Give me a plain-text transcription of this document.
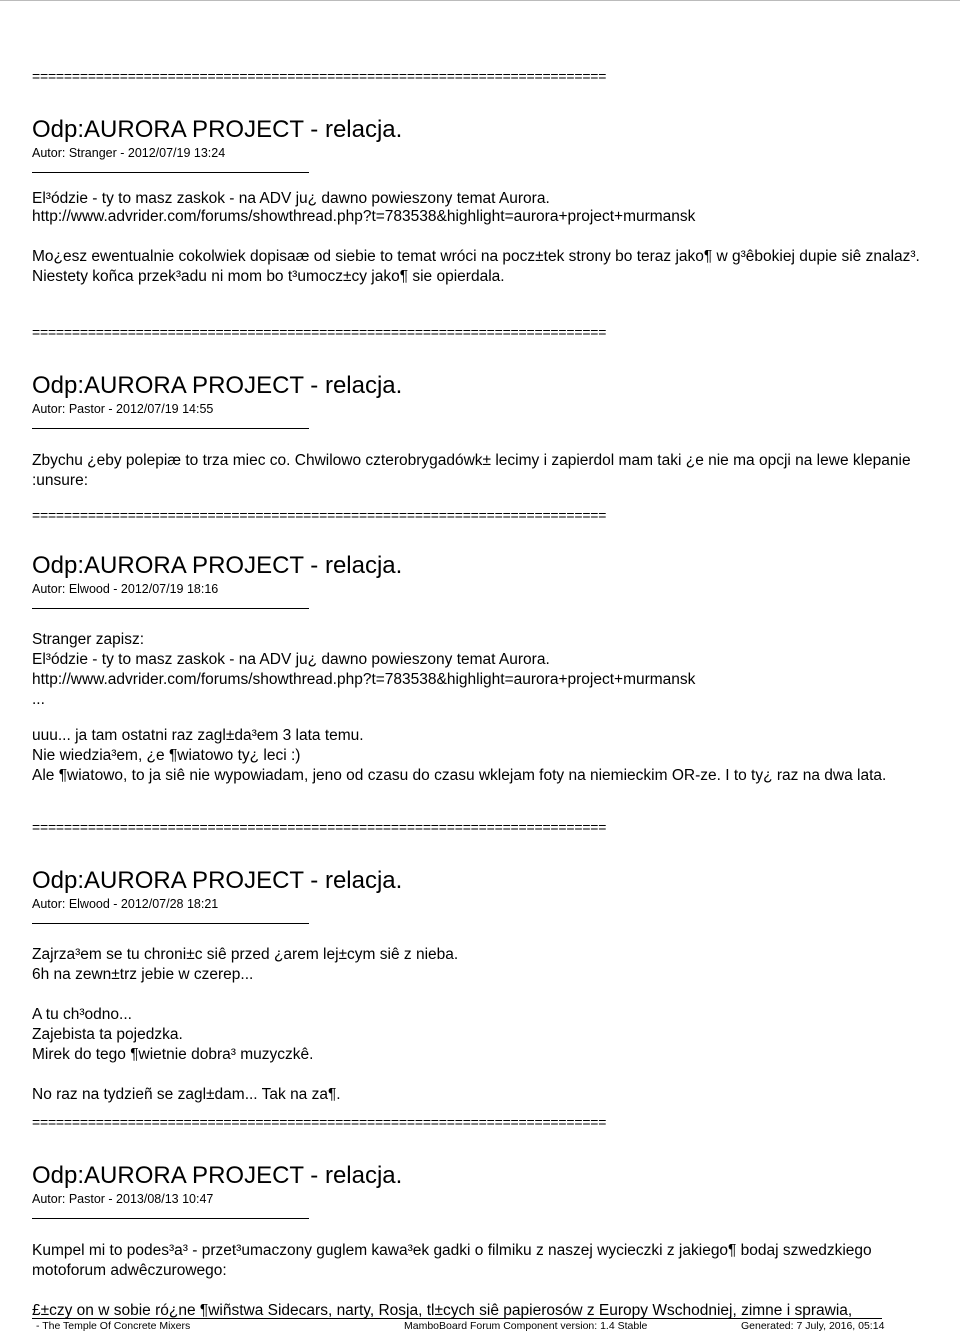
========================================================================
Odp:AURORA PROJECT - relacja.
Autor: Stranger - 2012/07/19 13:24

El³ódzie - ty to masz zaskok - na ADV ju¿ dawno powieszony temat Aurora.

http://www.advrider.com/forums/showthread.php?t=783538&highlight=aurora+project+murmansk

Mo¿esz ewentualnie cokolwiek dopisaæ od siebie to temat wróci na pocz±tek strony bo teraz jako¶ w g³êbokiej dupie siê znalaz³.

Niestety koñca przek³adu ni mom bo t³umocz±cy jako¶ sie opierdala.

========================================================================
Odp:AURORA PROJECT - relacja.
Autor: Pastor - 2012/07/19 14:55

Zbychu ¿eby polepiæ to trza miec co. Chwilowo czterobrygadówk± lecimy i zapierdol mam taki ¿e nie ma opcji na lewe klepanie :unsure:

========================================================================
Odp:AURORA PROJECT - relacja.
Autor: Elwood - 2012/07/19 18:16

Stranger zapisz:

El³ódzie - ty to masz zaskok - na ADV ju¿ dawno powieszony temat Aurora.

http://www.advrider.com/forums/showthread.php?t=783538&highlight=aurora+project+murmansk

...

uuu... ja tam ostatni raz zagl±da³em 3 lata temu.

Nie wiedzia³em, ¿e ¶wiatowo ty¿ leci :)

Ale ¶wiatowo, to ja siê nie wypowiadam, jeno od czasu do czasu wklejam foty na niemieckim OR-ze. I to ty¿ raz na dwa lata.

========================================================================
Odp:AURORA PROJECT - relacja.
Autor: Elwood - 2012/07/28 18:21

Zajrza³em se tu chroni±c siê przed ¿arem lej±cym siê z nieba.

6h na zewn±trz jebie w czerep...

A tu ch³odno...

Zajebista ta pojedzka.

Mirek do tego ¶wietnie dobra³ muzyczkê.

No raz na tydzieñ se zagl±dam... Tak na za¶.

========================================================================
Odp:AURORA PROJECT - relacja.
Autor: Pastor - 2013/08/13 10:47

Kumpel mi to podes³a³ - przet³umaczony guglem kawa³ek gadki o filmiku z naszej wycieczki z jakiego¶ bodaj szwedzkiego motoforum adwêczurowego:

£±czy on w sobie ró¿ne ¶wiñstwa Sidecars, narty, Rosja, tl±cych siê papierosów z Europy Wschodniej, zimne i sprawia,

- The Temple Of Concrete Mixers	MamboBoard Forum Component version: 1.4 Stable	Generated: 7 July, 2016, 05:14
